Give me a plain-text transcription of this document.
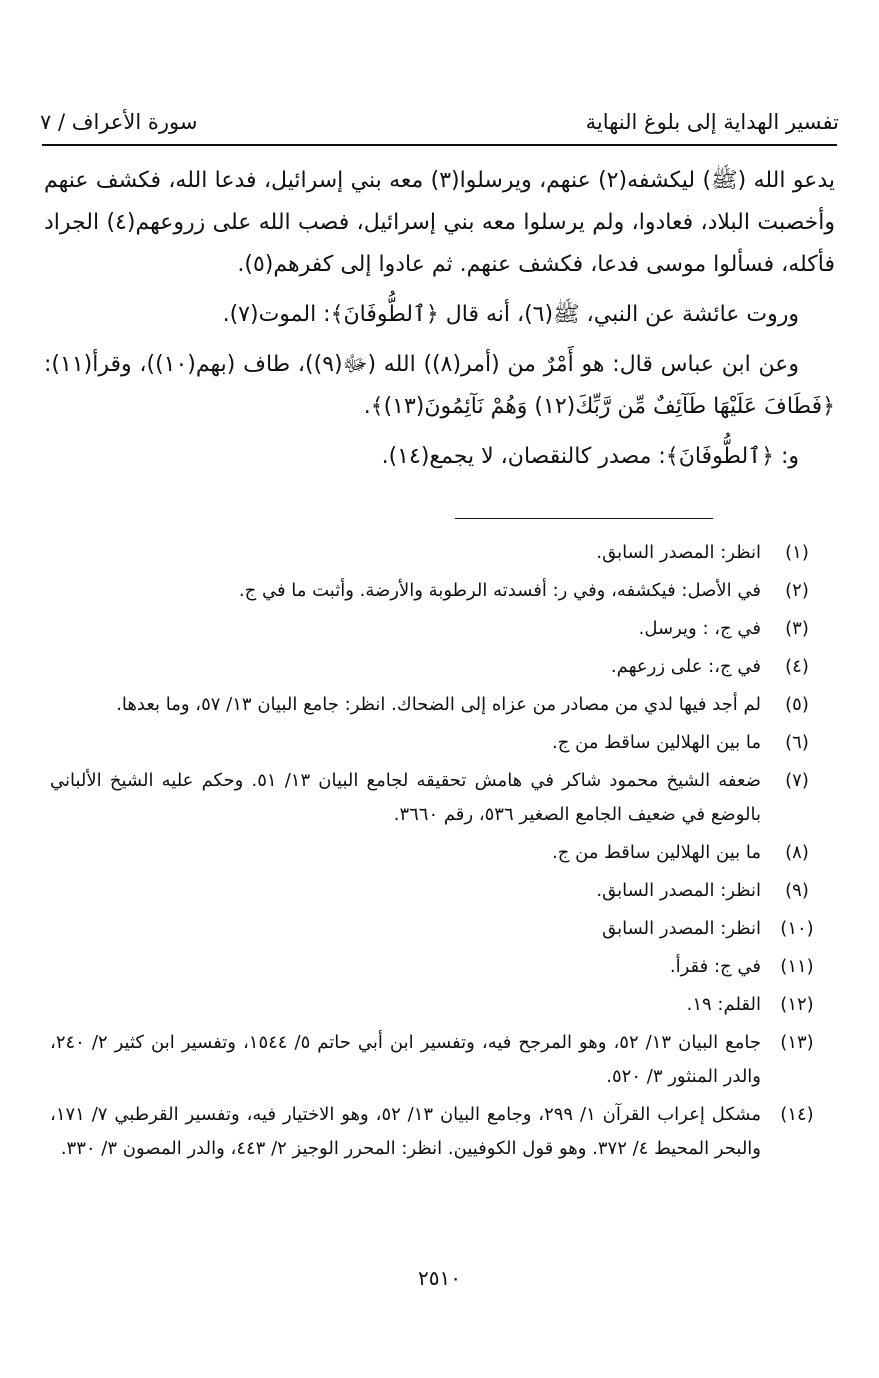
تفسير الهداية إلى بلوغ النهاية
سورة الأعراف / ٧

يدعو الله (ﷺ) ليكشفه(٢) عنهم، ويرسلوا(٣) معه بني إسرائيل، فدعا الله، فكشف عنهم وأخصبت البلاد، فعادوا، ولم يرسلوا معه بني إسرائيل، فصب الله على زروعهم(٤) الجراد فأكله، فسألوا موسى فدعا، فكشف عنهم. ثم عادوا إلى كفرهم(٥).

وروت عائشة عن النبي، ﷺ(٦)، أنه قال ﴿ٱلطُّوفَانَ﴾: الموت(٧).

وعن ابن عباس قال: هو أَمْرٌ من (أمر(٨)) الله (ﷻ(٩))، طاف (بهم(١٠))، وقرأ(١١): ﴿فَطَافَ عَلَيْهَا طَآئِفٌ مِّن رَّبِّكَ(١٢) وَهُمْ نَآئِمُونَ(١٣)﴾.

و: ﴿ٱلطُّوفَانَ﴾: مصدر كالنقصان، لا يجمع(١٤).

(١)
انظر: المصدر السابق.
(٢)
في الأصل: فيكشفه، وفي ر: أفسدته الرطوبة والأرضة. وأثبت ما في ج.
(٣)
في ج، : ويرسل.
(٤)
في ج،: على زرعهم.
(٥)
لم أجد فيها لدي من مصادر من عزاه إلى الضحاك. انظر: جامع البيان ١٣/ ٥٧، وما بعدها.
(٦)
ما بين الهلالين ساقط من ج.
(٧)
ضعفه الشيخ محمود شاكر في هامش تحقيقه لجامع البيان ١٣/ ٥١. وحكم عليه الشيخ الألباني بالوضع في ضعيف الجامع الصغير ٥٣٦، رقم ٣٦٦٠.
(٨)
ما بين الهلالين ساقط من ج.
(٩)
انظر: المصدر السابق.
(١٠)
انظر: المصدر السابق
(١١)
في ج: فقرأ.
(١٢)
القلم: ١٩.
(١٣)
جامع البيان ١٣/ ٥٢، وهو المرجح فيه، وتفسير ابن أبي حاتم ٥/ ١٥٤٤، وتفسير ابن كثير ٢/ ٢٤٠، والدر المنثور ٣/ ٥٢٠.
(١٤)
مشكل إعراب القرآن ١/ ٢٩٩، وجامع البيان ١٣/ ٥٢، وهو الاختيار فيه، وتفسير القرطبي ٧/ ١٧١، والبحر المحيط ٤/ ٣٧٢. وهو قول الكوفيين. انظر: المحرر الوجيز ٢/ ٤٤٣، والدر المصون ٣/ ٣٣٠.
٢٥١٠
